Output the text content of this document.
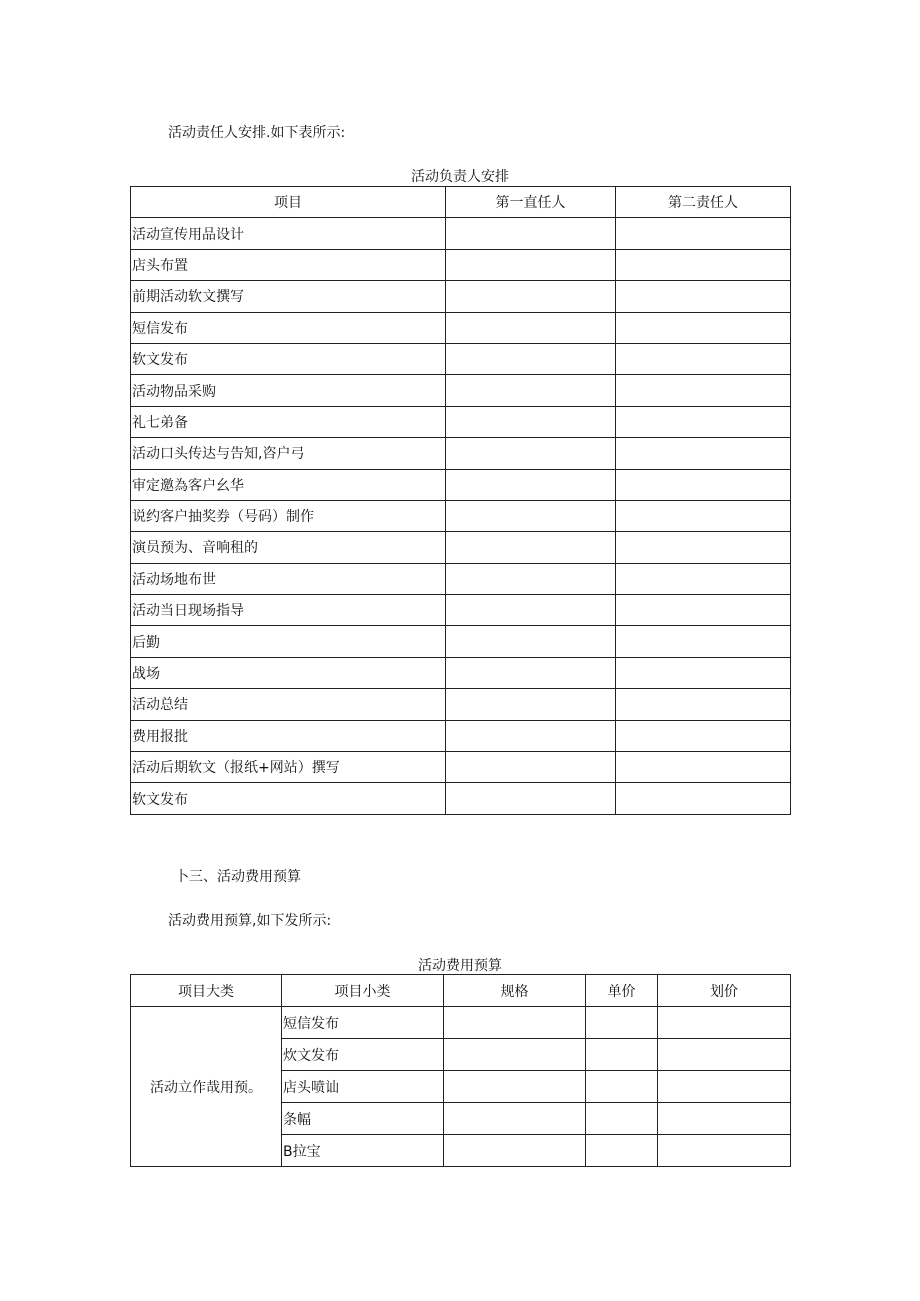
活动责任人安排.如下表所示:
活动负责人安排
项目	第一直任人	第二责任人
活动宣传用品设计		
店头布置		
前期活动软文撰写		
短信发布		
软文发布		
活动物品采购		
礼七弟备		
活动口头传达与告知,咨户弓		
审定邀為客户幺华		
说约客户抽奖券（号码）制作		
演员预为、音响租的		
活动场地布世		
活动当日现场指导		
后勤		
战场		
活动总结		
费用报批		
活动后期软文（报纸+网站）撰写		
软文发布		
卜三、活动费用预算
活动费用预算,如下发所示:
活动费用预算
项目大类	项目小类	规格	单价	划价
活动立作哉用预。	短信发布			
	炊文发布			
	店头喷讪			
	条幅			
	B拉宝			
